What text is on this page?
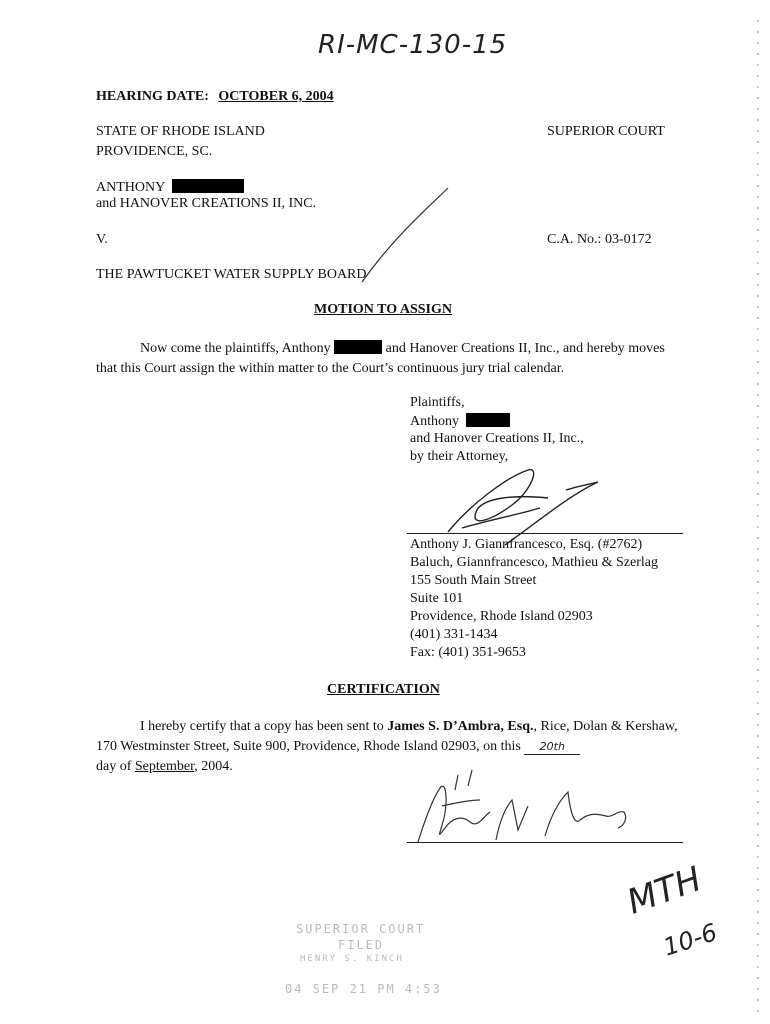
RI-MC-130-15
HEARING DATE: OCTOBER 6, 2004
STATE OF RHODE ISLAND
PROVIDENCE, SC.
SUPERIOR COURT
ANTHONY
and HANOVER CREATIONS II, INC.
V.	C.A. No.: 03-0172
THE PAWTUCKET WATER SUPPLY BOARD
MOTION TO ASSIGN
Now come the plaintiffs, Anthony	and Hanover Creations II, Inc., and hereby moves that this Court assign the within matter to the Court’s continuous jury trial calendar.
Plaintiffs,
Anthony
and Hanover Creations II, Inc.,
by their Attorney,
Anthony J. Giannfrancesco, Esq. (#2762)
Baluch, Giannfrancesco, Mathieu & Szerlag
155 South Main Street
Suite 101
Providence, Rhode Island 02903
(401) 331-1434
Fax: (401) 351-9653
CERTIFICATION
I hereby certify that a copy has been sent to James S. D’Ambra, Esq., Rice, Dolan & Kershaw, 170 Westminster Street, Suite 900, Providence, Rhode Island 02903, on this 20th
day of September, 2004.
MTH
10-6
SUPERIOR COURT
FILED
HENRY S. KINCH
04 SEP 21 PM 4:53
